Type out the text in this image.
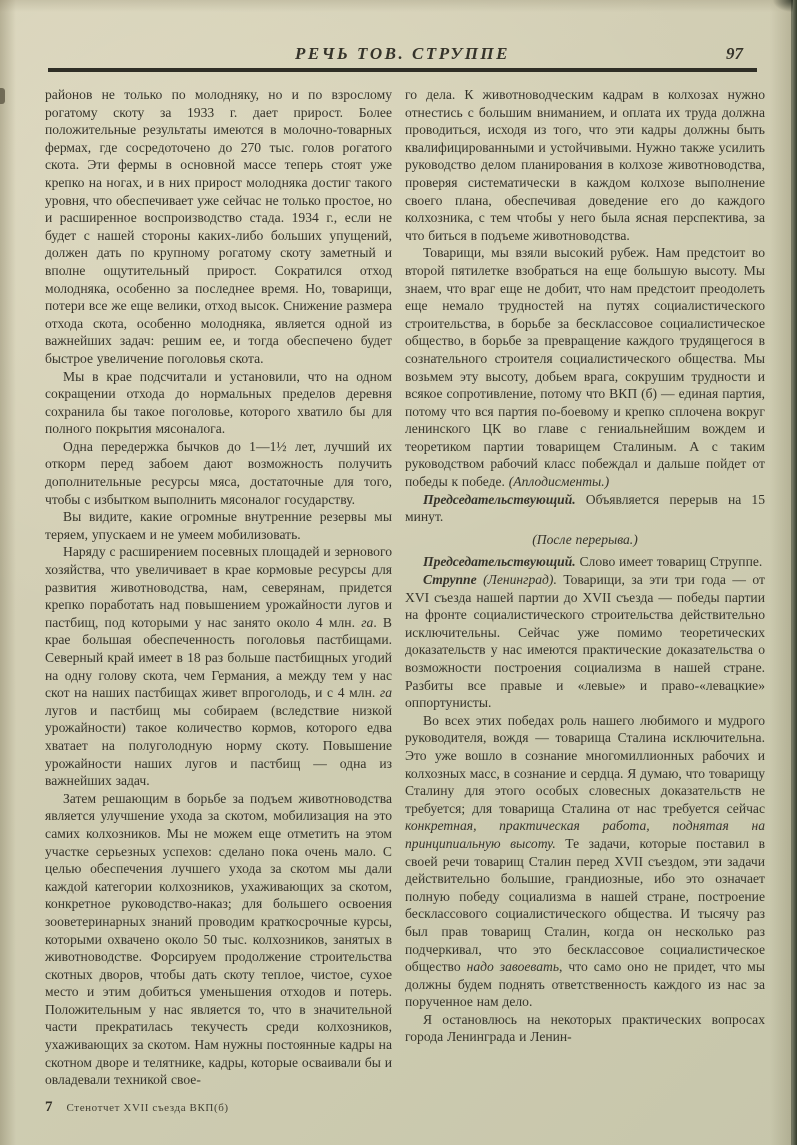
РЕЧЬ ТОВ. СТРУППЕ	97

районов не только по молодняку, но и по взрослому рогатому скоту за 1933 г. дает прирост. Более положительные результаты имеются в молочно-товарных фермах, где сосредоточено до 270 тыс. голов рогатого скота. Эти фермы в основной массе теперь стоят уже крепко на ногах, и в них прирост молодняка достиг такого уровня, что обеспечивает уже сейчас не только простое, но и расширенное воспроизводство стада. 1934 г., если не будет с нашей стороны каких-либо больших упущений, должен дать по крупному рогатому скоту заметный и вполне ощутительный прирост. Сократился отход молодняка, особенно за последнее время. Но, товарищи, потери все же еще велики, отход высок. Снижение размера отхода скота, особенно молодняка, является одной из важнейших задач: решим ее, и тогда обеспечено будет быстрое увеличение поголовья скота.

Мы в крае подсчитали и установили, что на одном сокращении отхода до нормальных пределов деревня сохранила бы такое поголовье, которого хватило бы для полного покрытия мясоналога.

Одна передержка бычков до 1—1½ лет, лучший их откорм перед забоем дают возможность получить дополнительные ресурсы мяса, достаточные для того, чтобы с избытком выполнить мясоналог государству.

Вы видите, какие огромные внутренние резервы мы теряем, упускаем и не умеем мобилизовать.

Наряду с расширением посевных площадей и зернового хозяйства, что увеличивает в крае кормовые ресурсы для развития животноводства, нам, северянам, придется крепко поработать над повышением урожайности лугов и пастбищ, под которыми у нас занято около 4 млн. га. В крае большая обеспеченность поголовья пастбищами. Северный край имеет в 18 раз больше пастбищных угодий на одну голову скота, чем Германия, а между тем у нас скот на наших пастбищах живет впроголодь, и с 4 млн. га лугов и пастбищ мы собираем (вследствие низкой урожайности) такое количество кормов, которого едва хватает на полуголодную норму скоту. Повышение урожайности наших лугов и пастбищ — одна из важнейших задач.

Затем решающим в борьбе за подъем животноводства является улучшение ухода за скотом, мобилизация на это самих колхозников. Мы не можем еще отметить на этом участке серьезных успехов: сделано пока очень мало. С целью обеспечения лучшего ухода за скотом мы дали каждой категории колхозников, ухаживающих за скотом, конкретное руководство-наказ; для большего освоения зооветеринарных знаний проводим краткосрочные курсы, которыми охвачено около 50 тыс. колхозников, занятых в животноводстве. Форсируем продолжение строительства скотных дворов, чтобы дать скоту теплое, чистое, сухое место и этим добиться уменьшения отходов и потерь. Положительным у нас является то, что в значительной части прекратилась текучесть среди колхозников, ухаживающих за скотом. Нам нужны постоянные кадры на скотном дворе и телятнике, кадры, которые осваивали бы и овладевали техникой свое-

го дела. К животноводческим кадрам в колхозах нужно отнестись с большим вниманием, и оплата их труда должна проводиться, исходя из того, что эти кадры должны быть квалифицированными и устойчивыми. Нужно также усилить руководство делом планирования в колхозе животноводства, проверяя систематически в каждом колхозе выполнение своего плана, обеспечивая доведение его до каждого колхозника, с тем чтобы у него была ясная перспектива, за что биться в подъеме животноводства.

Товарищи, мы взяли высокий рубеж. Нам предстоит во второй пятилетке взобраться на еще большую высоту. Мы знаем, что враг еще не добит, что нам предстоит преодолеть еще немало трудностей на путях социалистического строительства, в борьбе за бесклассовое социалистическое общество, в борьбе за превращение каждого трудящегося в сознательного строителя социалистического общества. Мы возьмем эту высоту, добьем врага, сокрушим трудности и всякое сопротивление, потому что ВКП (б) — единая партия, потому что вся партия по-боевому и крепко сплочена вокруг ленинского ЦК во главе с гениальнейшим вождем и теоретиком партии товарищем Сталиным. А с таким руководством рабочий класс побеждал и дальше пойдет от победы к победе. (Аплодисменты.)

Председательствующий. Объявляется перерыв на 15 минут.

(После перерыва.)

Председательствующий. Слово имеет товарищ Струппе.

Струппе (Ленинград). Товарищи, за эти три года — от XVI съезда нашей партии до XVII съезда — победы партии на фронте социалистического строительства действительно исключительны. Сейчас уже помимо теоретических доказательств у нас имеются практические доказательства о возможности построения социализма в нашей стране. Разбиты все правые и «левые» и право-«левацкие» оппортунисты.

Во всех этих победах роль нашего любимого и мудрого руководителя, вождя — товарища Сталина исключительна. Это уже вошло в сознание многомиллионных рабочих и колхозных масс, в сознание и сердца. Я думаю, что товарищу Сталину для этого особых словесных доказательств не требуется; для товарища Сталина от нас требуется сейчас конкретная, практическая работа, поднятая на принципиальную высоту. Те задачи, которые поставил в своей речи товарищ Сталин перед XVII съездом, эти задачи действительно большие, грандиозные, ибо это означает полную победу социализма в нашей стране, построение бесклассового социалистического общества. И тысячу раз был прав товарищ Сталин, когда он несколько раз подчеркивал, что это бесклассовое социалистическое общество надо завоевать, что само оно не придет, что мы должны будем поднять ответственность каждого из нас за порученное нам дело.

Я остановлюсь на некоторых практических вопросах города Ленинграда и Ленин-

7 Стенотчет XVII съезда ВКП(б)
